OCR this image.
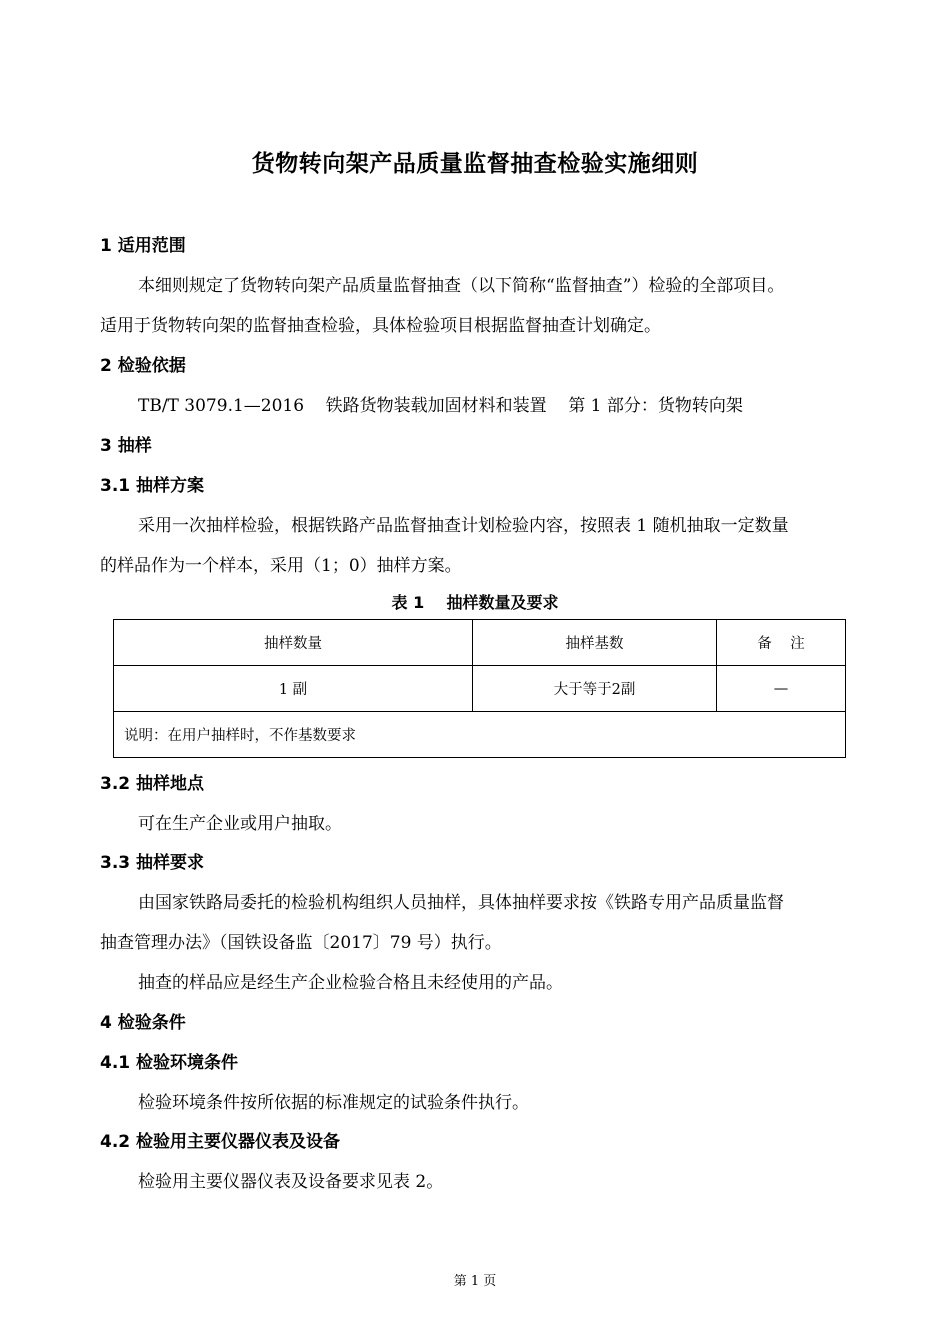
货物转向架产品质量监督抽查检验实施细则
1 适用范围
本细则规定了货物转向架产品质量监督抽查（以下简称“监督抽查”）检验的全部项目。
适用于货物转向架的监督抽查检验，具体检验项目根据监督抽查计划确定。
2 检验依据
TB/T 3079.1—2016    铁路货物装载加固材料和装置    第 1 部分：货物转向架
3 抽样
3.1 抽样方案
采用一次抽样检验，根据铁路产品监督抽查计划检验内容，按照表 1 随机抽取一定数量
的样品作为一个样本，采用（1；0）抽样方案。
表 1    抽样数量及要求
抽样数量	抽样基数	备    注
1 副	大于等于2副	—
说明：在用户抽样时，不作基数要求		
3.2 抽样地点
可在生产企业或用户抽取。
3.3 抽样要求
由国家铁路局委托的检验机构组织人员抽样，具体抽样要求按《铁路专用产品质量监督
抽查管理办法》（国铁设备监〔2017〕79 号）执行。
抽查的样品应是经生产企业检验合格且未经使用的产品。
4 检验条件
4.1 检验环境条件
检验环境条件按所依据的标准规定的试验条件执行。
4.2 检验用主要仪器仪表及设备
检验用主要仪器仪表及设备要求见表 2。
第 1 页
